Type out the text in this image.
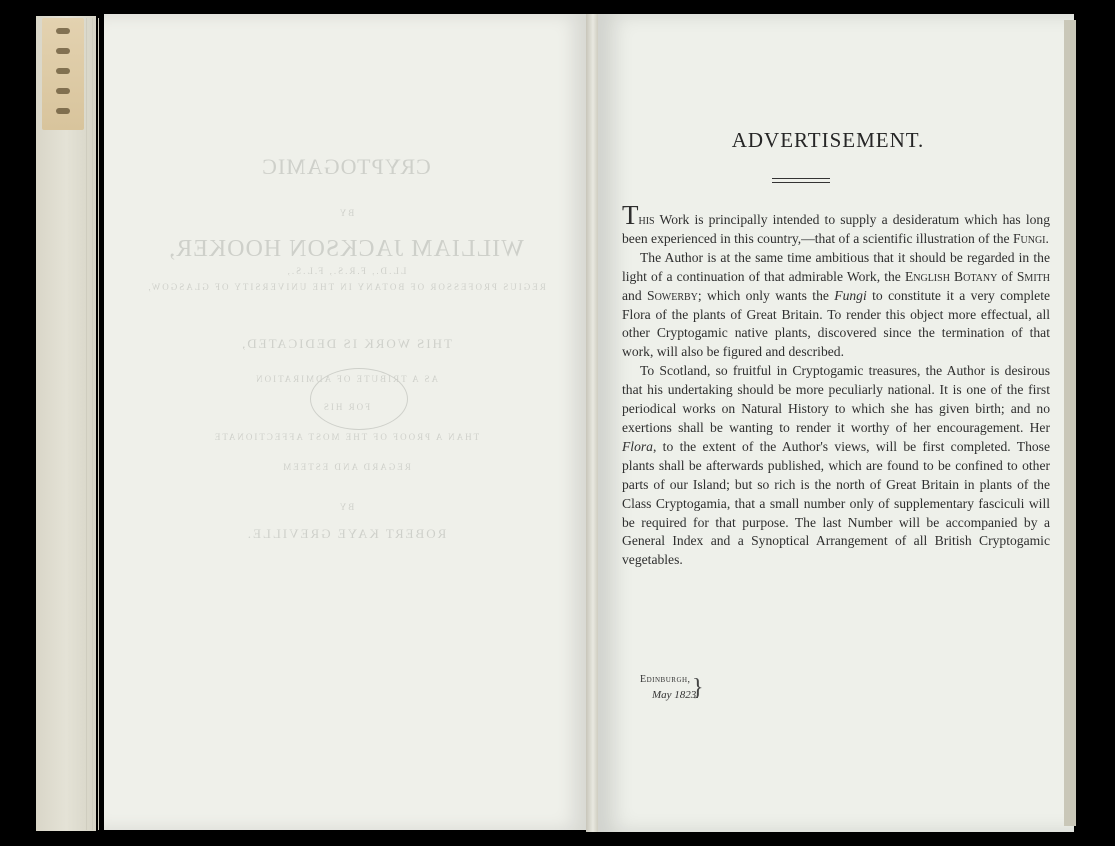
CRYPTOGAMIC
BY
WILLIAM JACKSON HOOKER,
LL.D., F.R.S., F.L.S.,
REGIUS PROFESSOR OF BOTANY IN THE UNIVERSITY OF GLASGOW,
THIS WORK IS DEDICATED,
AS A TRIBUTE OF ADMIRATION
FOR HIS
THAN A PROOF OF THE MOST AFFECTIONATE
REGARD AND ESTEEM
BY
ROBERT KAYE GREVILLE.
ADVERTISEMENT.

This Work is principally intended to supply a desideratum which has long been experienced in this country,—that of a scientific illustration of the Fungi.

The Author is at the same time ambitious that it should be regarded in the light of a continuation of that admirable Work, the English Botany of Smith and Sowerby; which only wants the Fungi to constitute it a very complete Flora of the plants of Great Britain. To render this object more effectual, all other Cryptogamic native plants, discovered since the termination of that work, will also be figured and described.

To Scotland, so fruitful in Cryptogamic treasures, the Author is desirous that his undertaking should be more peculiarly national. It is one of the first periodical works on Natural History to which she has given birth; and no exertions shall be wanting to render it worthy of her encouragement. Her Flora, to the extent of the Author's views, will be first completed. Those plants shall be afterwards published, which are found to be confined to other parts of our Island; but so rich is the north of Great Britain in plants of the Class Cryptogamia, that a small number only of supplementary fasciculi will be required for that purpose. The last Number will be accompanied by a General Index and a Synoptical Arrangement of all British Cryptogamic vegetables.

Edinburgh,
May 1823.
}
